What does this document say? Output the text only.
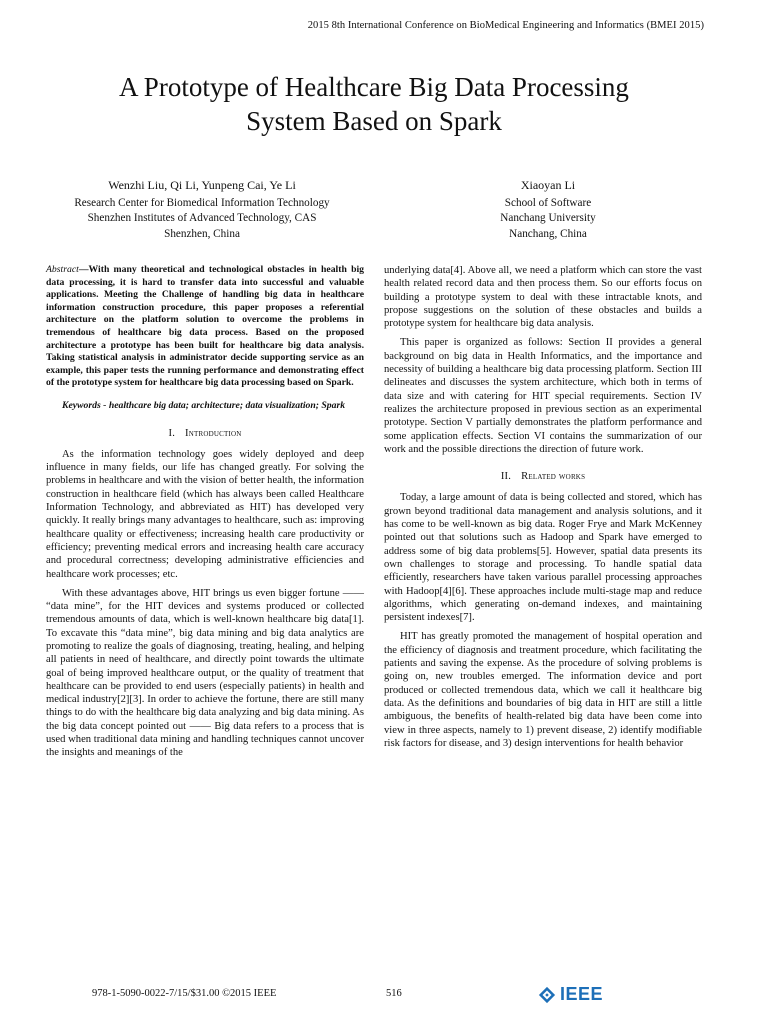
2015 8th International Conference on BioMedical Engineering and Informatics (BMEI 2015)
A Prototype of Healthcare Big Data Processing
System Based on Spark
Wenzhi Liu, Qi Li, Yunpeng Cai, Ye Li
Research Center for Biomedical Information Technology
Shenzhen Institutes of Advanced Technology, CAS
Shenzhen, China
Xiaoyan Li
School of Software
Nanchang University
Nanchang, China

Abstract—With many theoretical and technological obstacles in health big data processing, it is hard to transfer data into successful and valuable applications. Meeting the Challenge of handling big data in healthcare information construction procedure, this paper proposes a referential architecture on the platform solution to overcome the problems in tremendous of healthcare big data process. Based on the proposed architecture a prototype has been built for healthcare big data analysis. Taking statistical analysis in administrator decide supporting service as an example, this paper tests the running performance and demonstrating effect of the prototype system for healthcare big data processing based on Spark.

Keywords - healthcare big data; architecture; data visualization; Spark

I. Introduction

As the information technology goes widely deployed and deep influence in many fields, our life has changed greatly. For solving the problems in healthcare and with the vision of better health, the information construction in healthcare field (which has always been called Healthcare Information Technology, and abbreviated as HIT) has developed very quickly. It really brings many advantages to healthcare, such as: improving healthcare quality or effectiveness; increasing health care productivity or efficiency; preventing medical errors and increasing health care accuracy and procedural correctness; developing administrative efficiencies and healthcare work processes; etc.

With these advantages above, HIT brings us even bigger fortune —— “data mine”, for the HIT devices and systems produced or collected tremendous amounts of data, which is well-known healthcare big data[1]. To excavate this “data mine”, big data mining and big data analytics are promoting to realize the goals of diagnosing, treating, healing, and helping all patients in need of healthcare, and directly point towards the ultimate goal of being improved healthcare output, or the quality of treatment that healthcare can be provided to end users (especially patients) in health and medical industry[2][3]. In order to achieve the fortune, there are still many things to do with the healthcare big data analyzing and big data mining. As the big data concept pointed out —— Big data refers to a process that is used when traditional data mining and handling techniques cannot uncover the insights and meanings of the

underlying data[4]. Above all, we need a platform which can store the vast health related record data and then process them. So our efforts focus on building a prototype system to deal with these intractable knots, and propose suggestions on the solution of these obstacles and builds a prototype system for healthcare big data analysis.

This paper is organized as follows: Section II provides a general background on big data in Health Informatics, and the importance and necessity of building a healthcare big data processing platform. Section III delineates and discusses the system architecture, which both in terms of data size and with catering for HIT special requirements. Section IV realizes the architecture proposed in previous section as an experimental prototype. Section V partially demonstrates the platform performance and some application effects. Section VI contains the summarization of our work and the possible directions the direction of future work.

II. Related works

Today, a large amount of data is being collected and stored, which has grown beyond traditional data management and analysis solutions, and it has come to be well-known as big data. Roger Frye and Mark McKenney pointed out that solutions such as Hadoop and Spark have emerged to address some of big data problems[5]. However, spatial data presents its own challenges to storage and processing. To handle spatial data efficiently, researchers have taken various parallel processing approaches with Hadoop[4][6]. These approaches include multi-stage map and reduce algorithms, which generating on-demand indexes, and maintaining persistent indexes[7].

HIT has greatly promoted the management of hospital operation and the efficiency of diagnosis and treatment procedure, which facilitating the patients and saving the expense. As the procedure of solving problems is going on, new troubles emerged. The information device and port produced or collected tremendous data, which we call it healthcare big data. As the definitions and boundaries of big data in HIT are still a little ambiguous, the benefits of health-related big data have been come into view in three aspects, namely to 1) prevent disease, 2) identify modifiable risk factors for disease, and 3) design interventions for health behavior

978-1-5090-0022-7/15/$31.00 ©2015 IEEE	516	IEEE
